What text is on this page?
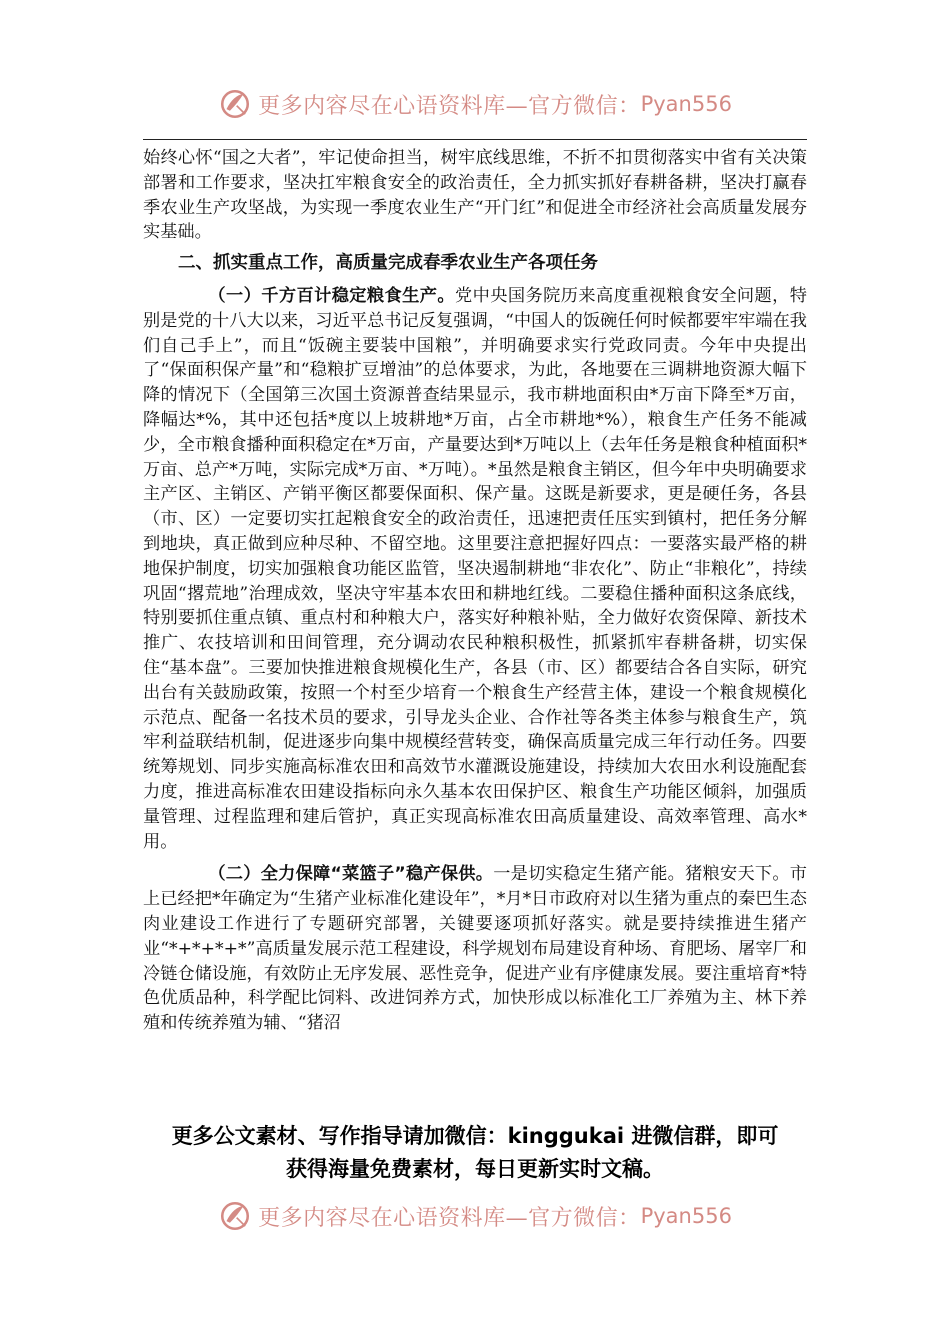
更多内容尽在心语资料库—官方微信： Pyan556

始终心怀“国之大者”，牢记使命担当，树牢底线思维，不折不扣贯彻落实中省有关决策部署和工作要求，坚决扛牢粮食安全的政治责任，全力抓实抓好春耕备耕，坚决打赢春季农业生产攻坚战，为实现一季度农业生产“开门红”和促进全市经济社会高质量发展夯实基础。

二、抓实重点工作，高质量完成春季农业生产各项任务

（一）千方百计稳定粮食生产。党中央国务院历来高度重视粮食安全问题，特别是党的十八大以来，习近平总书记反复强调，“中国人的饭碗任何时候都要牢牢端在我们自己手上”，而且“饭碗主要装中国粮”，并明确要求实行党政同责。今年中央提出了“保面积保产量”和“稳粮扩豆增油”的总体要求，为此，各地要在三调耕地资源大幅下降的情况下（全国第三次国土资源普查结果显示，我市耕地面积由*万亩下降至*万亩，降幅达*%，其中还包括*度以上坡耕地*万亩，占全市耕地*%），粮食生产任务不能减少，全市粮食播种面积稳定在*万亩，产量要达到*万吨以上（去年任务是粮食种植面积*万亩、总产*万吨，实际完成*万亩、*万吨）。*虽然是粮食主销区，但今年中央明确要求主产区、主销区、产销平衡区都要保面积、保产量。这既是新要求，更是硬任务，各县（市、区）一定要切实扛起粮食安全的政治责任，迅速把责任压实到镇村，把任务分解到地块，真正做到应种尽种、不留空地。这里要注意把握好四点：一要落实最严格的耕地保护制度，切实加强粮食功能区监管，坚决遏制耕地“非农化”、防止“非粮化”，持续巩固“撂荒地”治理成效，坚决守牢基本农田和耕地红线。二要稳住播种面积这条底线，特别要抓住重点镇、重点村和种粮大户，落实好种粮补贴，全力做好农资保障、新技术推广、农技培训和田间管理，充分调动农民种粮积极性，抓紧抓牢春耕备耕，切实保住“基本盘”。三要加快推进粮食规模化生产，各县（市、区）都要结合各自实际，研究出台有关鼓励政策，按照一个村至少培育一个粮食生产经营主体，建设一个粮食规模化示范点、配备一名技术员的要求，引导龙头企业、合作社等各类主体参与粮食生产，筑牢利益联结机制，促进逐步向集中规模经营转变，确保高质量完成三年行动任务。四要统筹规划、同步实施高标准农田和高效节水灌溉设施建设，持续加大农田水利设施配套力度，推进高标准农田建设指标向永久基本农田保护区、粮食生产功能区倾斜，加强质量管理、过程监理和建后管护，真正实现高标准农田高质量建设、高效率管理、高水*用。

（二）全力保障“菜篮子”稳产保供。一是切实稳定生猪产能。猪粮安天下。市上已经把*年确定为“生猪产业标准化建设年”，*月*日市政府对以生猪为重点的秦巴生态肉业建设工作进行了专题研究部署，关键要逐项抓好落实。就是要持续推进生猪产业“*+*+*+*”高质量发展示范工程建设，科学规划布局建设育种场、育肥场、屠宰厂和冷链仓储设施，有效防止无序发展、恶性竞争，促进产业有序健康发展。要注重培育*特色优质品种，科学配比饲料、改进饲养方式，加快形成以标准化工厂养殖为主、林下养殖和传统养殖为辅、“猪沼

更多公文素材、写作指导请加微信：kinggukai 进微信群，即可
获得海量免费素材，每日更新实时文稿。
更多内容尽在心语资料库—官方微信： Pyan556
